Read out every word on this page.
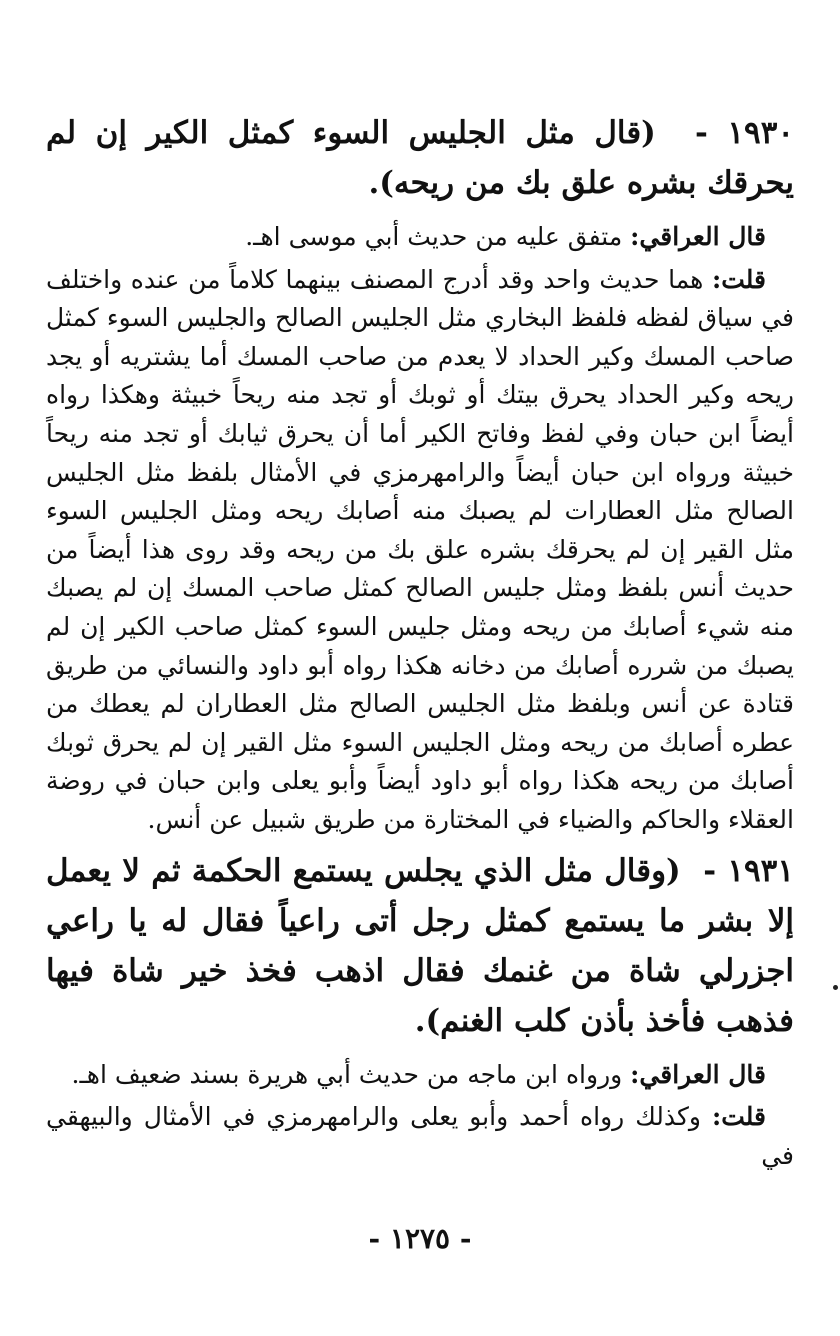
١٩٣٠ -  (قال مثل الجليس السوء كمثل الكير إن لم يحرقك بشره علق بك من ريحه).

قال العراقي: متفق عليه من حديث أبي موسى اهـ.

قلت: هما حديث واحد وقد أدرج المصنف بينهما كلاماً من عنده واختلف في سياق لفظه فلفظ البخاري مثل الجليس الصالح والجليس السوء كمثل صاحب المسك وكير الحداد لا يعدم من صاحب المسك أما يشتريه أو يجد ريحه وكير الحداد يحرق بيتك أو ثوبك أو تجد منه ريحاً خبيثة وهكذا رواه أيضاً ابن حبان وفي لفظ وفاتح الكير أما أن يحرق ثيابك أو تجد منه ريحاً خبيثة ورواه ابن حبان أيضاً والرامهرمزي في الأمثال بلفظ مثل الجليس الصالح مثل العطارات لم يصبك منه أصابك ريحه ومثل الجليس السوء مثل القير إن لم يحرقك بشره علق بك من ريحه وقد روى هذا أيضاً من حديث أنس بلفظ ومثل جليس الصالح كمثل صاحب المسك إن لم يصبك منه شيء أصابك من ريحه ومثل جليس السوء كمثل صاحب الكير إن لم يصبك من شرره أصابك من دخانه هكذا رواه أبو داود والنسائي من طريق قتادة عن أنس وبلفظ مثل الجليس الصالح مثل العطاران لم يعطك من عطره أصابك من ريحه ومثل الجليس السوء مثل القير إن لم يحرق ثوبك أصابك من ريحه هكذا رواه أبو داود أيضاً وأبو يعلى وابن حبان في روضة العقلاء والحاكم والضياء في المختارة من طريق شبيل عن أنس.

١٩٣١ -  (وقال مثل الذي يجلس يستمع الحكمة ثم لا يعمل إلا بشر ما يستمع كمثل رجل أتى راعياً فقال له يا راعي اجزرلي شاة من غنمك فقال اذهب فخذ خير شاة فيها فذهب فأخذ بأذن كلب الغنم).

قال العراقي: ورواه ابن ماجه من حديث أبي هريرة بسند ضعيف اهـ.

قلت: وكذلك رواه أحمد وأبو يعلى والرامهرمزي في الأمثال والبيهقي في

- ١٢٧٥ -
